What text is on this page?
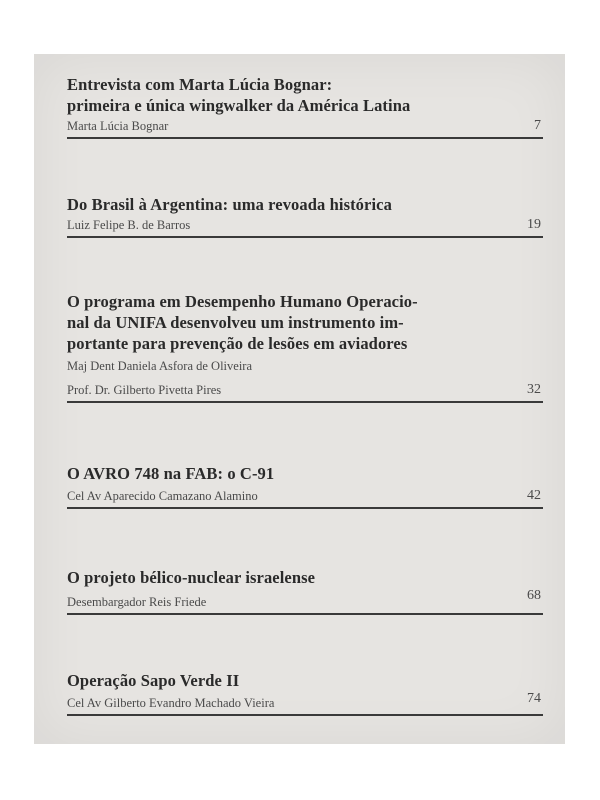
Entrevista com Marta Lúcia Bognar:
primeira e única wingwalker da América Latina

Marta Lúcia Bognar	7

Do Brasil à Argentina: uma revoada histórica

Luiz Felipe B. de Barros	19

O programa em Desempenho Humano Operacio-
nal da UNIFA desenvolveu um instrumento im-
portante para prevenção de lesões em aviadores

Maj Dent Daniela Asfora de Oliveira
Prof. Dr. Gilberto Pivetta Pires	32

O AVRO 748 na FAB: o C-91

Cel Av Aparecido Camazano Alamino	42

O projeto bélico-nuclear israelense

Desembargador Reis Friede	68

Operação Sapo Verde II

Cel Av Gilberto Evandro Machado Vieira	74
